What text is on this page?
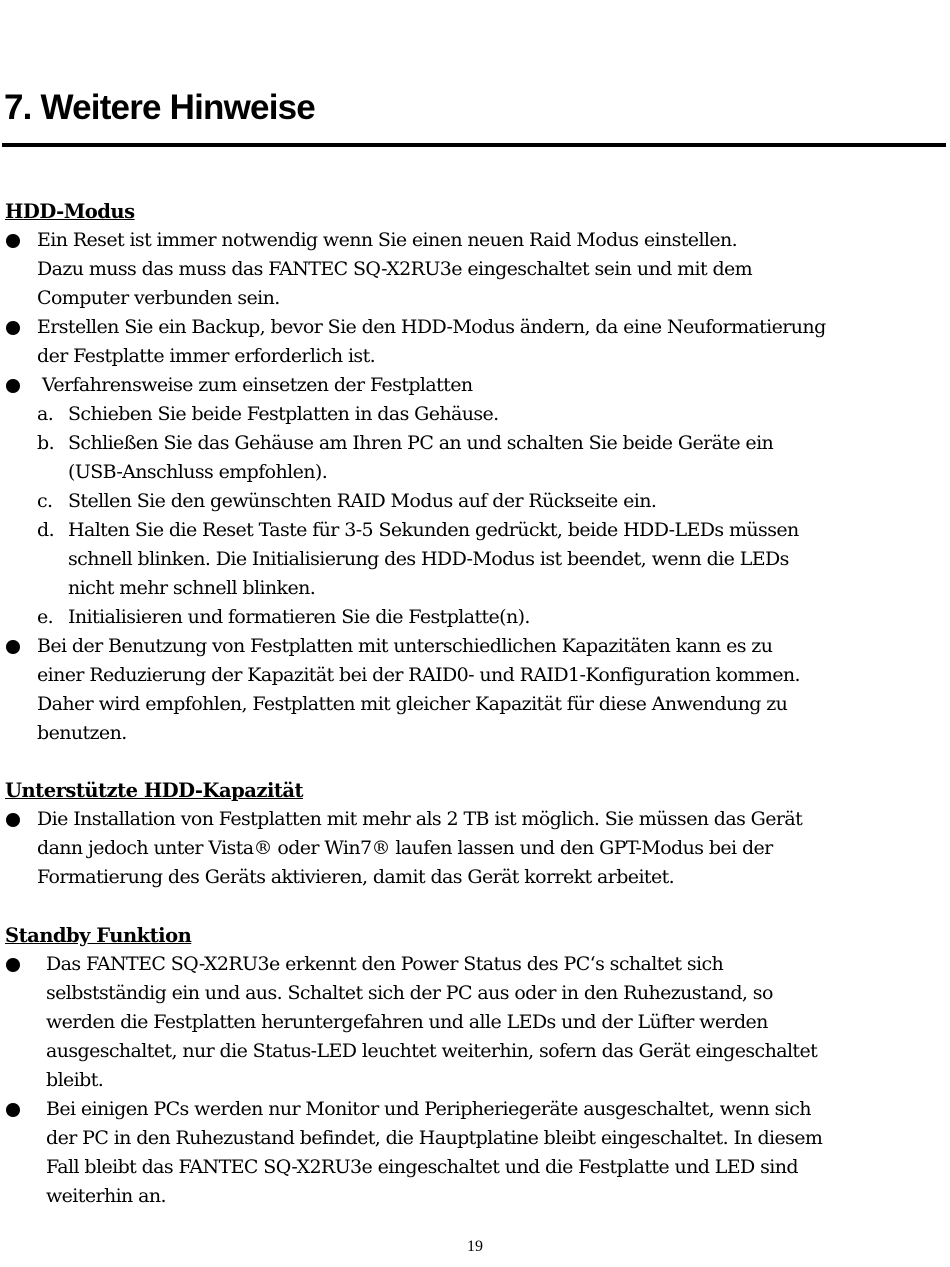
7. Weitere Hinweise
HDD-Modus
Ein Reset ist immer notwendig wenn Sie einen neuen Raid Modus einstellen.
Dazu muss das muss das FANTEC SQ-X2RU3e eingeschaltet sein und mit dem
Computer verbunden sein.
Erstellen Sie ein Backup, bevor Sie den HDD-Modus ändern, da eine Neuformatierung
der Festplatte immer erforderlich ist.
Verfahrensweise zum einsetzen der Festplatten
a. Schieben Sie beide Festplatten in das Gehäuse.
b. Schließen Sie das Gehäuse am Ihren PC an und schalten Sie beide Geräte ein
(USB-Anschluss empfohlen).
c. Stellen Sie den gewünschten RAID Modus auf der Rückseite ein.
d. Halten Sie die Reset Taste für 3-5 Sekunden gedrückt, beide HDD-LEDs müssen
schnell blinken. Die Initialisierung des HDD-Modus ist beendet, wenn die LEDs
nicht mehr schnell blinken.
e. Initialisieren und formatieren Sie die Festplatte(n).
Bei der Benutzung von Festplatten mit unterschiedlichen Kapazitäten kann es zu
einer Reduzierung der Kapazität bei der RAID0- und RAID1-Konfiguration kommen.
Daher wird empfohlen, Festplatten mit gleicher Kapazität für diese Anwendung zu
benutzen.
Unterstützte HDD-Kapazität
Die Installation von Festplatten mit mehr als 2 TB ist möglich. Sie müssen das Gerät
dann jedoch unter Vista® oder Win7® laufen lassen und den GPT-Modus bei der
Formatierung des Geräts aktivieren, damit das Gerät korrekt arbeitet.
Standby Funktion
Das FANTEC SQ-X2RU3e erkennt den Power Status des PC‘s schaltet sich
selbstständig ein und aus. Schaltet sich der PC aus oder in den Ruhezustand, so
werden die Festplatten heruntergefahren und alle LEDs und der Lüfter werden
ausgeschaltet, nur die Status-LED leuchtet weiterhin, sofern das Gerät eingeschaltet
bleibt.
Bei einigen PCs werden nur Monitor und Peripheriegeräte ausgeschaltet, wenn sich
der PC in den Ruhezustand befindet, die Hauptplatine bleibt eingeschaltet. In diesem
Fall bleibt das FANTEC SQ-X2RU3e eingeschaltet und die Festplatte und LED sind
weiterhin an.
19
